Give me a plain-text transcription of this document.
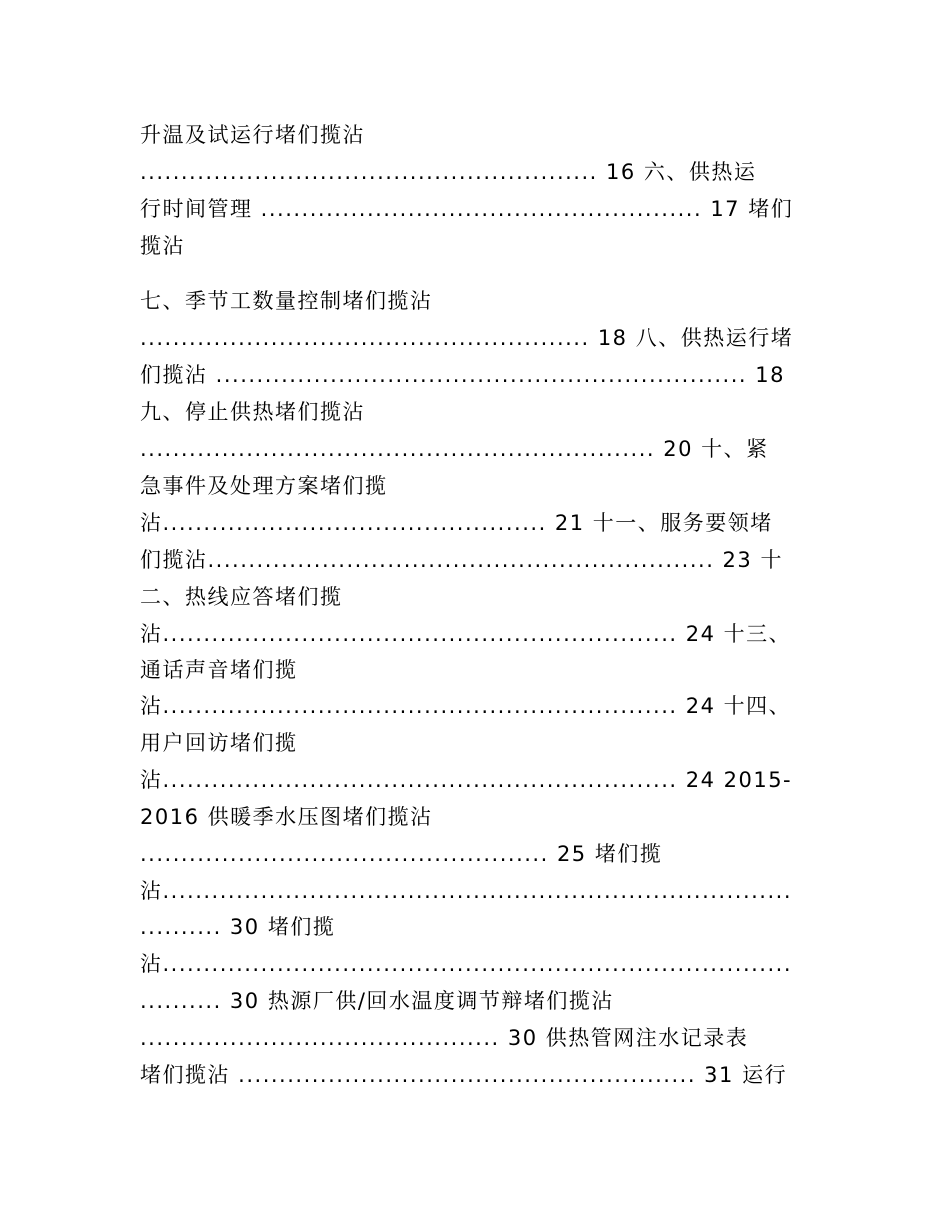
升温及试运行堵们揽沾
........................................................ 16 六、供热运
行时间管理 ...................................................... 17 堵们
揽沾
七、季节工数量控制堵们揽沾
....................................................... 18 八、供热运行堵
们揽沾 ................................................................. 18
九、停止供热堵们揽沾
............................................................... 20 十、紧
急事件及处理方案堵们揽
沾............................................... 21 十一、服务要领堵
们揽沾.............................................................. 23 十
二、热线应答堵们揽
沾............................................................... 24 十三、
通话声音堵们揽
沾............................................................... 24 十四、
用户回访堵们揽
沾............................................................... 24 2015-
2016 供暖季水压图堵们揽沾
.................................................. 25 堵们揽
沾.............................................................................
.......... 30 堵们揽
沾.............................................................................
.......... 30 热源厂供/回水温度调节辩堵们揽沾
............................................ 30 供热管网注水记录表
堵们揽沾 ........................................................ 31 运行
